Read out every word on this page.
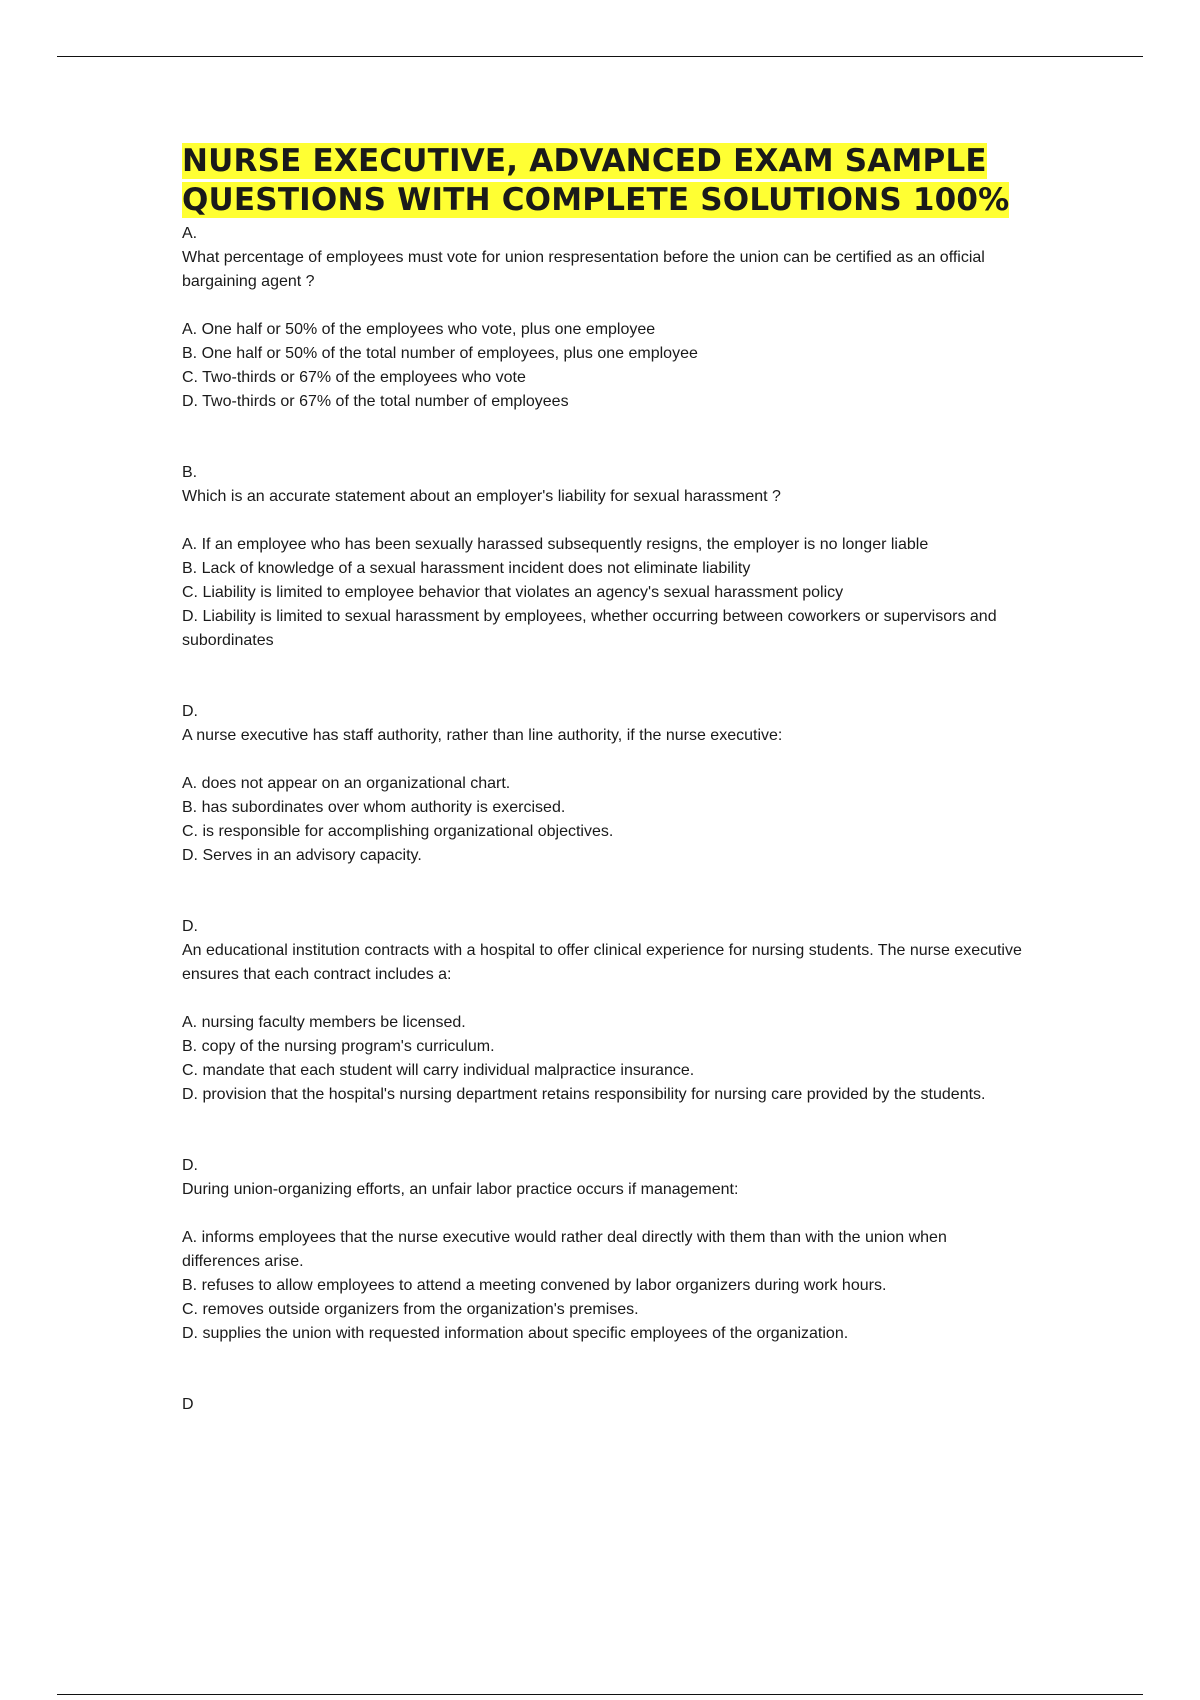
NURSE EXECUTIVE, ADVANCED EXAM SAMPLE QUESTIONS WITH COMPLETE SOLUTIONS 100%

A.

What percentage of employees must vote for union respresentation before the union can be certified as an official bargaining agent ?

A. One half or 50% of the employees who vote, plus one employee

B. One half or 50% of the total number of employees, plus one employee

C. Two-thirds or 67% of the employees who vote

D. Two-thirds or 67% of the total number of employees

B.

Which is an accurate statement about an employer's liability for sexual harassment ?

A. If an employee who has been sexually harassed subsequently resigns, the employer is no longer liable

B. Lack of knowledge of a sexual harassment incident does not eliminate liability

C. Liability is limited to employee behavior that violates an agency's sexual harassment policy

D. Liability is limited to sexual harassment by employees, whether occurring between coworkers or supervisors and subordinates

D.

A nurse executive has staff authority, rather than line authority, if the nurse executive:

A. does not appear on an organizational chart.

B. has subordinates over whom authority is exercised.

C. is responsible for accomplishing organizational objectives.

D. Serves in an advisory capacity.

D.

An educational institution contracts with a hospital to offer clinical experience for nursing students. The nurse executive ensures that each contract includes a:

A. nursing faculty members be licensed.

B. copy of the nursing program's curriculum.

C. mandate that each student will carry individual malpractice insurance.

D. provision that the hospital's nursing department retains responsibility for nursing care provided by the students.

D.

During union-organizing efforts, an unfair labor practice occurs if management:

A. informs employees that the nurse executive would rather deal directly with them than with the union when differences arise.

B. refuses to allow employees to attend a meeting convened by labor organizers during work hours.

C. removes outside organizers from the organization's premises.

D. supplies the union with requested information about specific employees of the organization.

D
